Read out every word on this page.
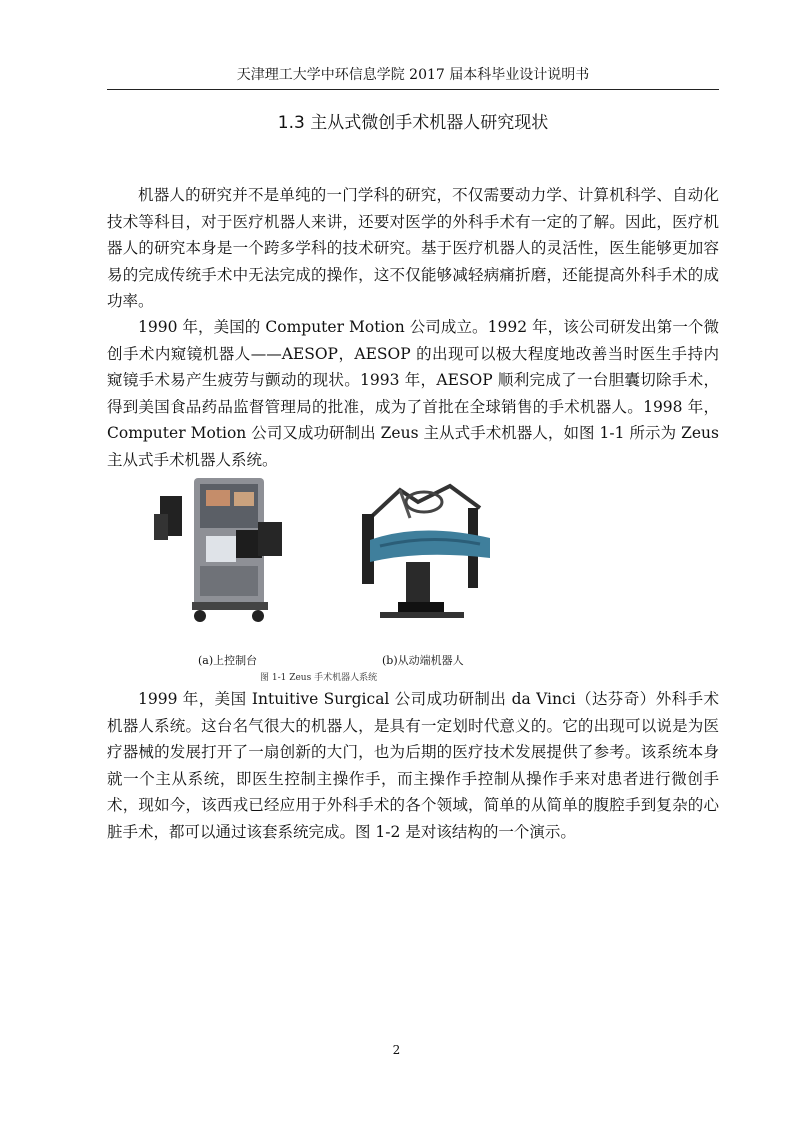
天津理工大学中环信息学院 2017 届本科毕业设计说明书
1.3 主从式微创手术机器人研究现状

机器人的研究并不是单纯的一门学科的研究，不仅需要动力学、计算机科学、自动化技术等科目，对于医疗机器人来讲，还要对医学的外科手术有一定的了解。因此，医疗机器人的研究本身是一个跨多学科的技术研究。基于医疗机器人的灵活性，医生能够更加容易的完成传统手术中无法完成的操作，这不仅能够减轻病痛折磨，还能提高外科手术的成功率。

1990 年，美国的 Computer Motion 公司成立。1992 年，该公司研发出第一个微创手术内窥镜机器人——AESOP，AESOP 的出现可以极大程度地改善当时医生手持内窥镜手术易产生疲劳与颤动的现状。1993 年，AESOP 顺利完成了一台胆囊切除手术，得到美国食品药品监督管理局的批准，成为了首批在全球销售的手术机器人。1998 年，Computer Motion 公司又成功研制出 Zeus 主从式手术机器人，如图 1-1 所示为 Zeus 主从式手术机器人系统。

(a)上控制台	(b)从动端机器人
图 1-1 Zeus 手术机器人系统

1999 年，美国 Intuitive Surgical 公司成功研制出 da Vinci（达芬奇）外科手术机器人系统。这台名气很大的机器人，是具有一定划时代意义的。它的出现可以说是为医疗器械的发展打开了一扇创新的大门，也为后期的医疗技术发展提供了参考。该系统本身就一个主从系统，即医生控制主操作手，而主操作手控制从操作手来对患者进行微创手术，现如今，该西戎已经应用于外科手术的各个领域，简单的从简单的腹腔手到复杂的心脏手术，都可以通过该套系统完成。图 1-2 是对该结构的一个演示。

2
